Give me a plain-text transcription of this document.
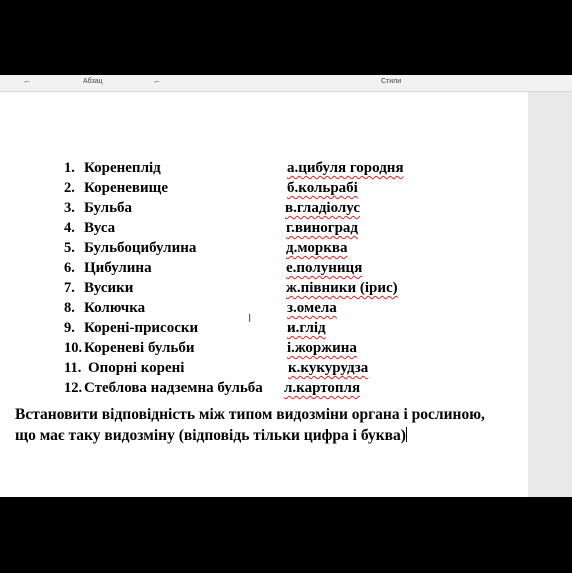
⌐	Абзац	⌐	Стили
1. Коренеплід	а.цибуля городня
2. Кореневище	б.кольрабі
3. Бульба	в.гладіолус
4. Вуса	г.виноград
5. Бульбоцибулина	д.морква
6. Цибулина	е.полуниця
7. Вусики	ж.півники (ірис)
8. Колючка	з.омела
9. Корені-присоски	и.глід
10. Кореневі бульби	і.жоржина
11. Опорні корені	к.кукурудза
12. Стеблова надземна бульба л.картопля
Встановити відповідність між типом видозміни органа і рослиною, що має таку видозміну (відповідь тільки цифра і буква)
I
